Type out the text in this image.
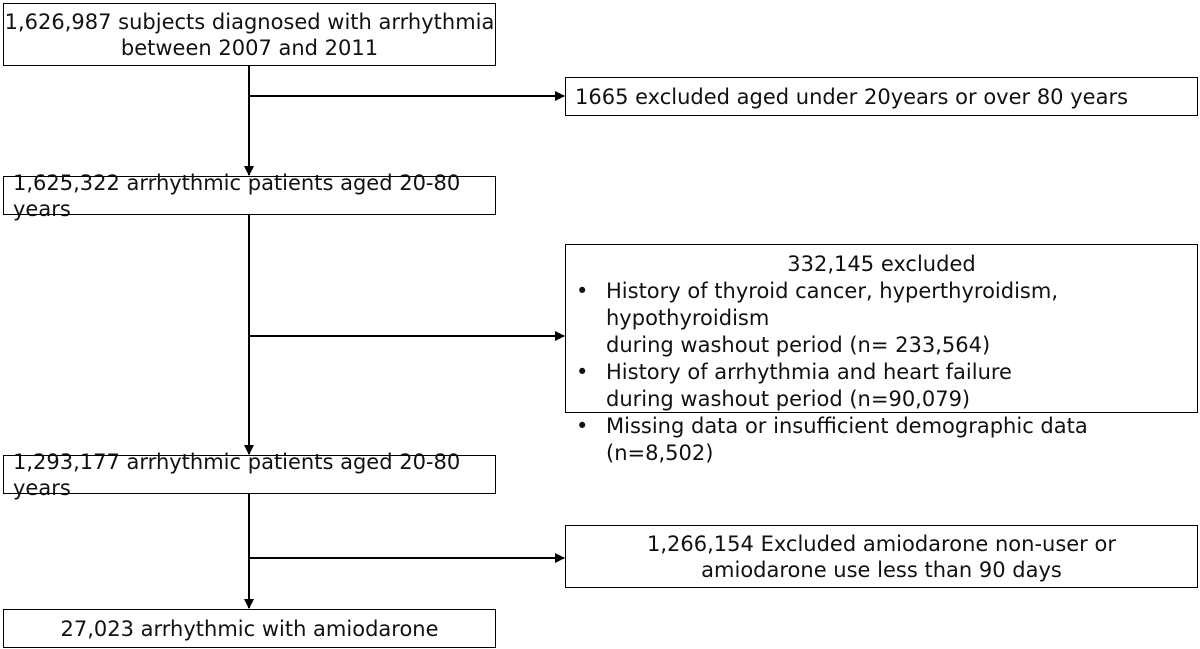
1,626,987 subjects diagnosed with arrhythmia
between 2007 and 2011
1665 excluded aged under 20years or over 80 years
1,625,322 arrhythmic patients aged 20-80 years
332,145 excluded
• History of thyroid cancer, hyperthyroidism, hypothyroidism
during washout period (n= 233,564)
• History of arrhythmia and heart failure
during washout period (n=90,079)
• Missing data or insufficient demographic data (n=8,502)
1,293,177 arrhythmic patients aged 20-80 years
1,266,154 Excluded amiodarone non-user or
amiodarone use less than 90 days
27,023 arrhythmic with amiodarone
